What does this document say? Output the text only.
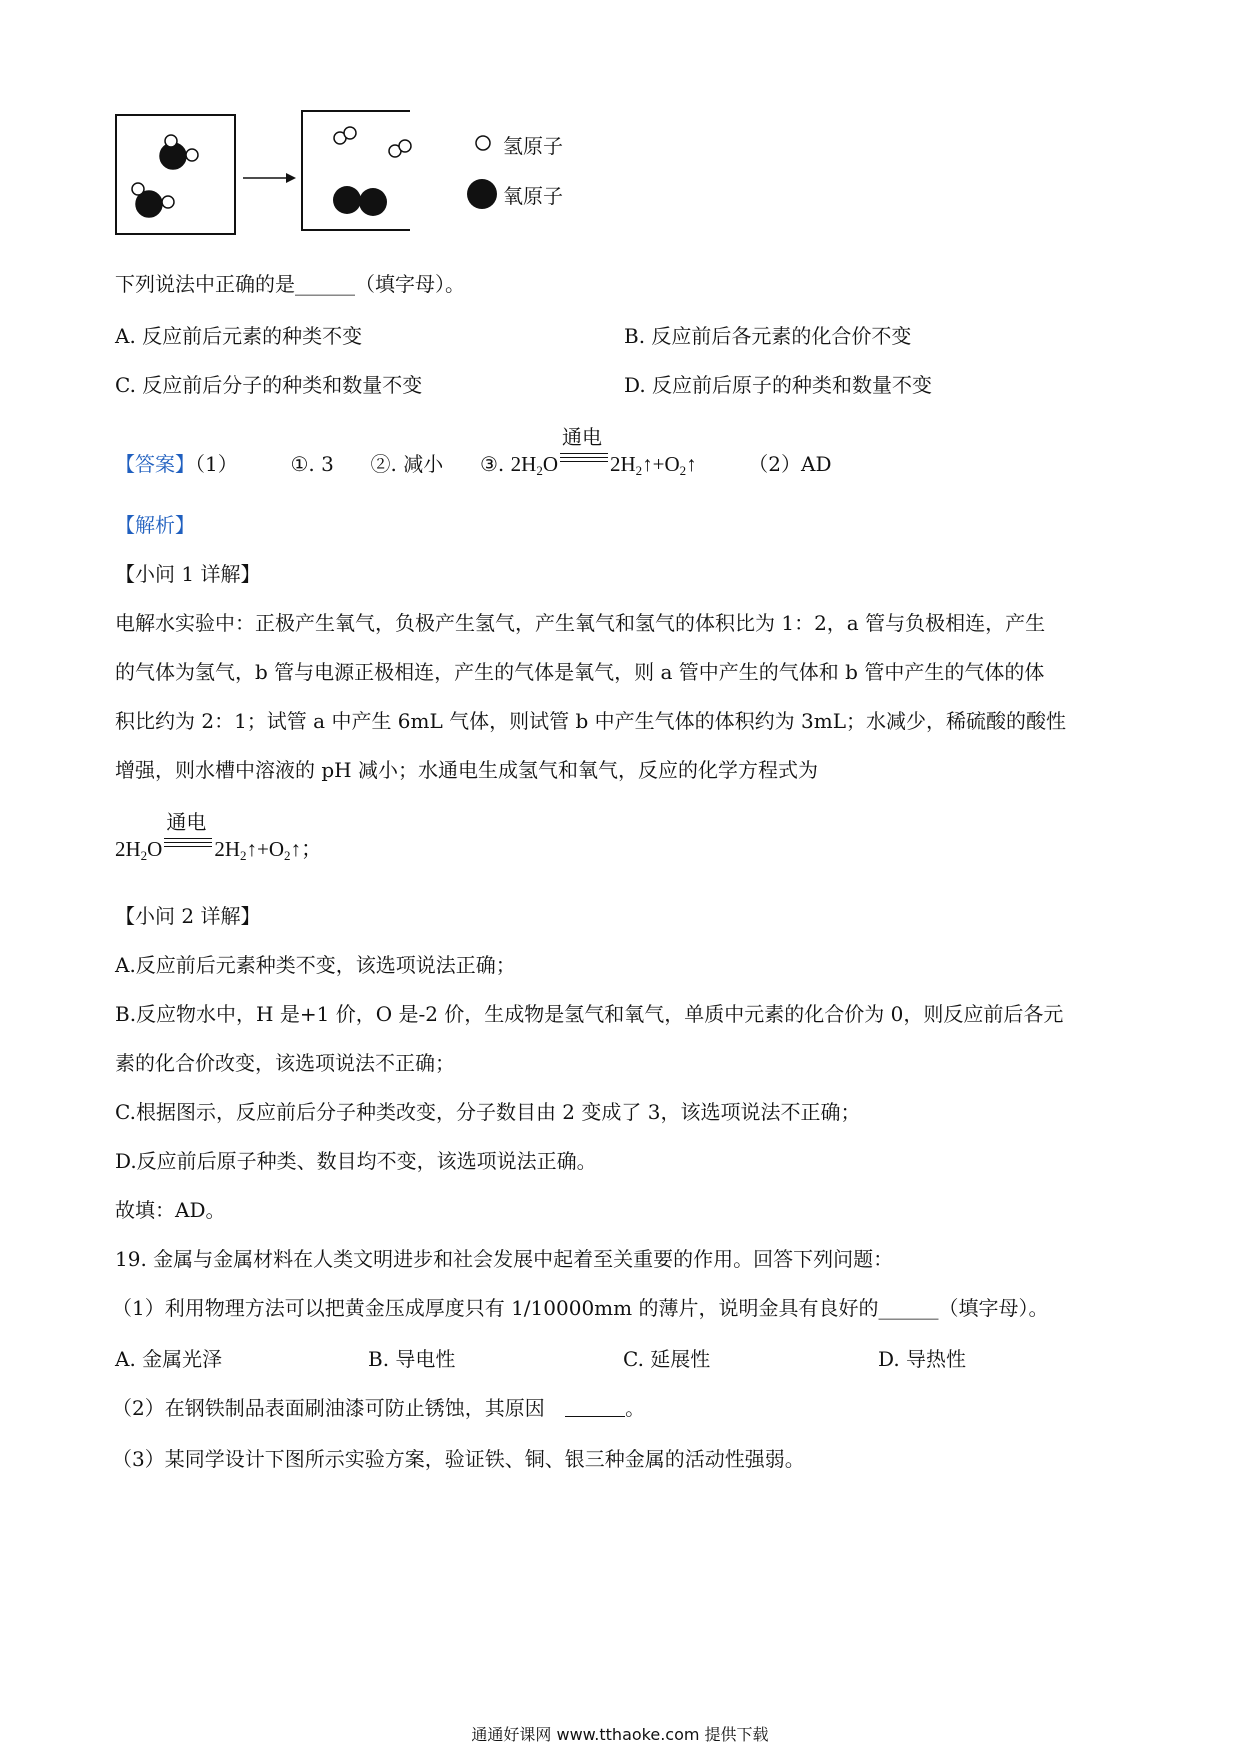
氢原子
氧原子
下列说法中正确的是______（填字母）。
A. 反应前后元素的种类不变	B. 反应前后各元素的化合价不变
C. 反应前后分子的种类和数量不变	D. 反应前后原子的种类和数量不变
【答案】（1）	①. 3 ②. 减小 ③. $2H_2O$
通电
$2H_2↑+O_2↑$	（2）AD
【解析】
【小问 1 详解】
电解水实验中：正极产生氧气，负极产生氢气，产生氧气和氢气的体积比为 1：2，a 管与负极相连，产生
的气体为氢气，b 管与电源正极相连，产生的气体是氧气，则 a 管中产生的气体和 b 管中产生的气体的体
积比约为 2：1；试管 a 中产生 6mL 气体，则试管 b 中产生气体的体积约为 3mL；水减少，稀硫酸的酸性
增强，则水槽中溶液的 pH 减小；水通电生成氢气和氧气，反应的化学方程式为
$2H_2O$
通电
$2H_2↑+O_2↑$；
【小问 2 详解】
A.反应前后元素种类不变，该选项说法正确；
B.反应物水中，H 是+1 价，O 是-2 价，生成物是氢气和氧气，单质中元素的化合价为 0，则反应前后各元
素的化合价改变，该选项说法不正确；
C.根据图示，反应前后分子种类改变，分子数目由 2 变成了 3，该选项说法不正确；
D.反应前后原子种类、数目均不变，该选项说法正确。
故填：AD。
19. 金属与金属材料在人类文明进步和社会发展中起着至关重要的作用。回答下列问题：
（1）利用物理方法可以把黄金压成厚度只有 1/10000mm 的薄片，说明金具有良好的______（填字母）。
A. 金属光泽	B. 导电性	C. 延展性	D. 导热性
（2）在钢铁制品表面刷油漆可防止锈蚀，其原因	。
（3）某同学设计下图所示实验方案，验证铁、铜、银三种金属的活动性强弱。
通通好课网 www.tthaoke.com 提供下载
